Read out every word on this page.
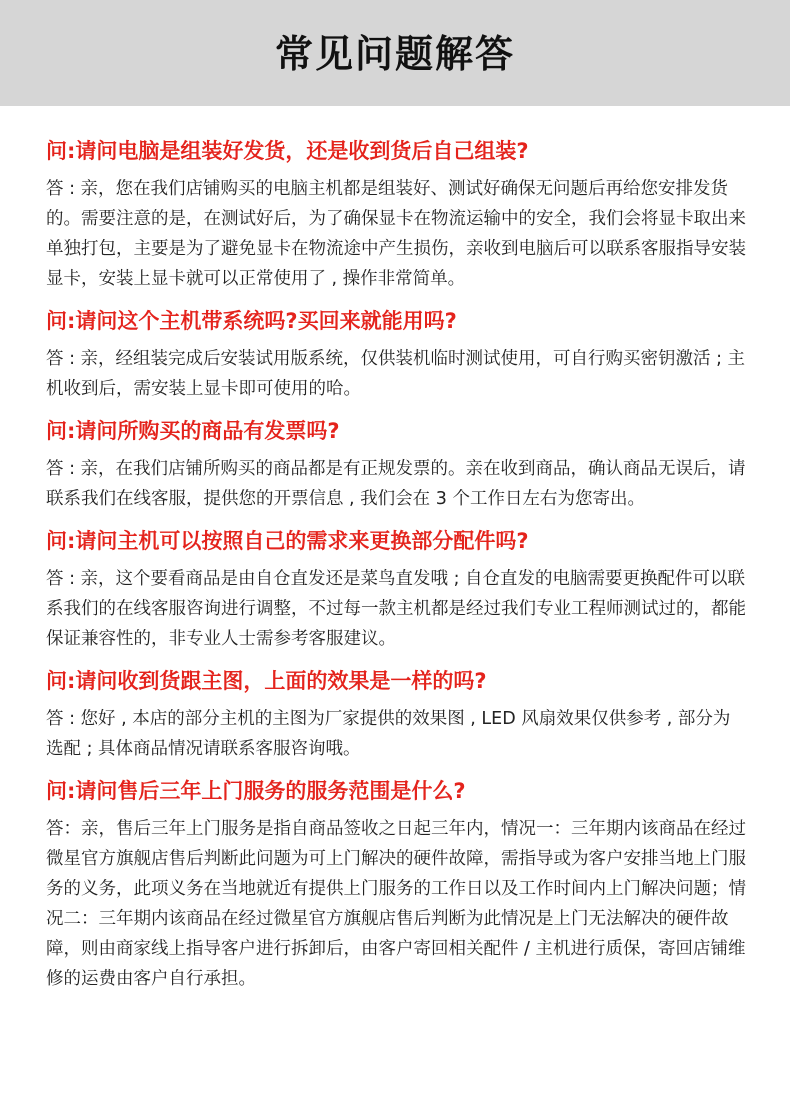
常见问题解答
问:请问电脑是组装好发货，还是收到货后自己组装?
答 : 亲，您在我们店铺购买的电脑主机都是组装好、测试好确保无问题后再给您安排发货的。需要注意的是，在测试好后，为了确保显卡在物流运输中的安全，我们会将显卡取出来单独打包，主要是为了避免显卡在物流途中产生损伤，亲收到电脑后可以联系客服指导安装显卡，安装上显卡就可以正常使用了 , 操作非常简单。
问:请问这个主机带系统吗?买回来就能用吗?
答 : 亲，经组装完成后安装试用版系统，仅供装机临时测试使用，可自行购买密钥激活 ; 主机收到后，需安装上显卡即可使用的哈。
问:请问所购买的商品有发票吗?
答 : 亲，在我们店铺所购买的商品都是有正规发票的。亲在收到商品，确认商品无误后，请联系我们在线客服，提供您的开票信息 , 我们会在 3 个工作日左右为您寄出。
问:请问主机可以按照自己的需求来更换部分配件吗?
答 : 亲，这个要看商品是由自仓直发还是菜鸟直发哦 ; 自仓直发的电脑需要更换配件可以联系我们的在线客服咨询进行调整，不过每一款主机都是经过我们专业工程师测试过的，都能保证兼容性的，非专业人士需参考客服建议。
问:请问收到货跟主图，上面的效果是一样的吗?
答 : 您好 , 本店的部分主机的主图为厂家提供的效果图 , LED 风扇效果仅供参考 , 部分为选配 ; 具体商品情况请联系客服咨询哦。
问:请问售后三年上门服务的服务范围是什么?
答：亲，售后三年上门服务是指自商品签收之日起三年内，情况一：三年期内该商品在经过微星官方旗舰店售后判断此问题为可上门解决的硬件故障，需指导或为客户安排当地上门服务的义务，此项义务在当地就近有提供上门服务的工作日以及工作时间内上门解决问题；情况二：三年期内该商品在经过微星官方旗舰店售后判断为此情况是上门无法解决的硬件故障，则由商家线上指导客户进行拆卸后，由客户寄回相关配件 / 主机进行质保，寄回店铺维修的运费由客户自行承担。
